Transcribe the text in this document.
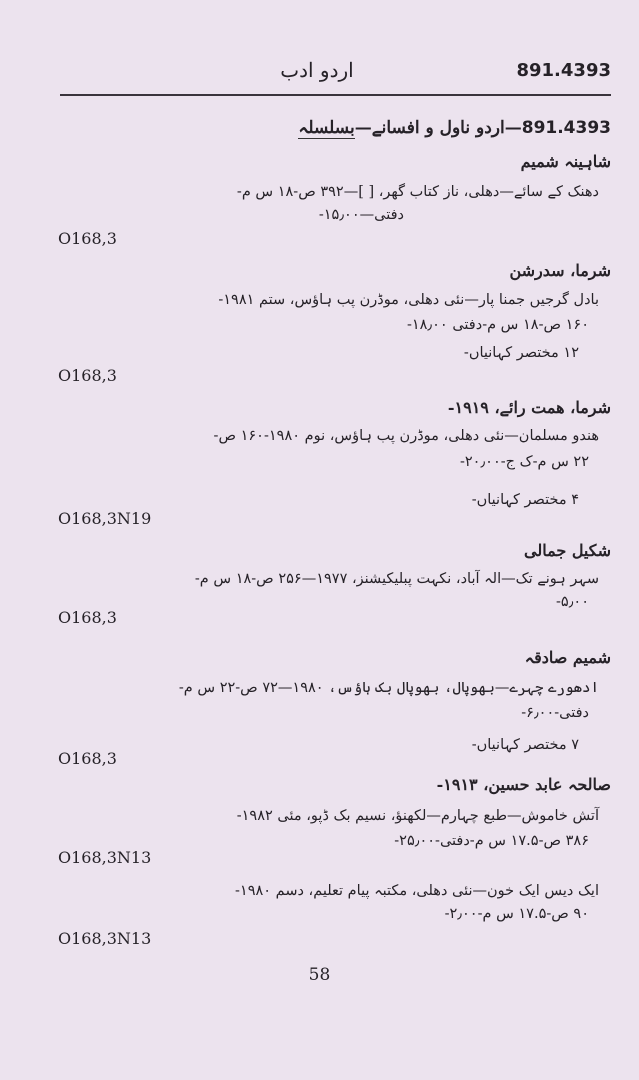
اردو ادب	891.4393
891.4393—اردو ناول و افسانے—بسلسلہ
شاہینہ شمیم
دھنک کے سائے—دھلی، ناز کتاب گھر، [ ]—۳۹۲ ص-۱۸ س م-
دفتی—۱۵٫۰۰-
O168,3
شرما، سدرشن
بادل گرجیں جمنا پار—نئی دھلی، موڈرن پب ہاؤس، ستم ۱۹۸۱-
۱۶۰ ص-۱۸ س م-دفتی ۱۸٫۰۰-
۱۲ مختصر کہانیاں-
O168,3
شرما، همت رائے، ۱۹۱۹-
ھندو مسلمان—نئی دھلی، موڈرن پب ہاؤس، نوم ۱۹۸۰-۱۶۰ ص-
۲۲ س م-ک ج-۲۰٫۰۰-
۴ مختصر کہانیاں-
O168,3N19
شکیل جمالی
سہر ہونے تک—الہ آباد، نکہت پبلیکیشنز، ۱۹۷۷—۲۵۶ ص-۱۸ س م-
۵٫۰۰-
O168,3
شمیم صادقہ
ادھورے چہرے—بھوپال، بھوپال بک ہاؤس، ۱۹۸۰—۷۲ ص-۲۲ س م-
دفتی-۶٫۰۰-
۷ مختصر کہانیاں-
O168,3
صالحہ عابد حسین، ۱۹۱۳-
آتش خاموش—طبع چہارم—لکھنؤ، نسیم بک ڈپو، مئی ۱۹۸۲-
۳۸۶ ص-۱۷.۵ س م-دفتی-۲۵٫۰۰-
O168,3N13
ایک دیس ایک خون—نئی دھلی، مکتبہ پیام تعلیم، دسم ۱۹۸۰-
۹۰ ص-۱۷.۵ س م-۲٫۰۰-
O168,3N13
58
